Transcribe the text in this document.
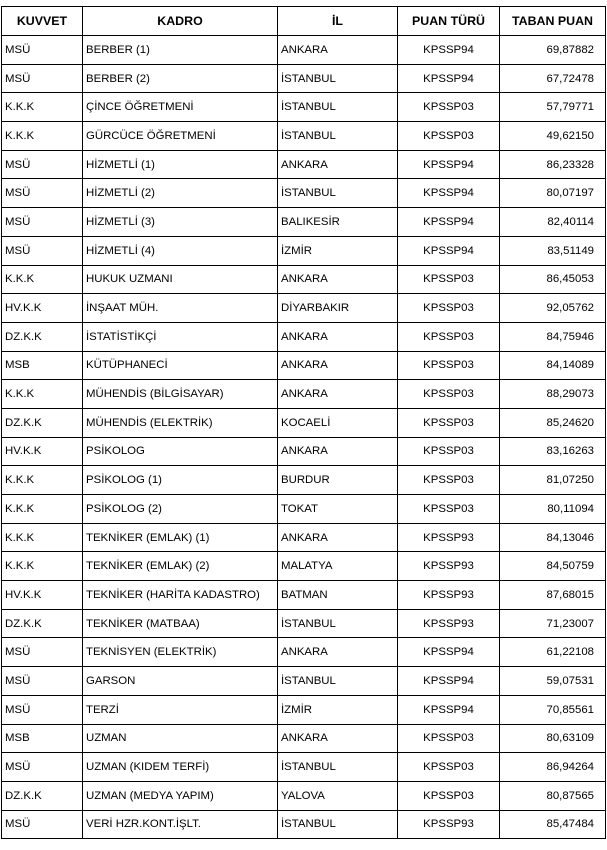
KUVVET	KADRO	İL	PUAN TÜRÜ	TABAN PUAN
MSÜ	BERBER (1)	ANKARA	KPSSP94	69,87882
MSÜ	BERBER (2)	İSTANBUL	KPSSP94	67,72478
K.K.K	ÇİNCE ÖĞRETMENİ	İSTANBUL	KPSSP03	57,79771
K.K.K	GÜRCÜCE ÖĞRETMENİ	İSTANBUL	KPSSP03	49,62150
MSÜ	HİZMETLİ (1)	ANKARA	KPSSP94	86,23328
MSÜ	HİZMETLİ (2)	İSTANBUL	KPSSP94	80,07197
MSÜ	HİZMETLİ (3)	BALIKESİR	KPSSP94	82,40114
MSÜ	HİZMETLİ (4)	İZMİR	KPSSP94	83,51149
K.K.K	HUKUK UZMANI	ANKARA	KPSSP03	86,45053
HV.K.K	İNŞAAT MÜH.	DİYARBAKIR	KPSSP03	92,05762
DZ.K.K	İSTATİSTİKÇİ	ANKARA	KPSSP03	84,75946
MSB	KÜTÜPHANECİ	ANKARA	KPSSP03	84,14089
K.K.K	MÜHENDİS (BİLGİSAYAR)	ANKARA	KPSSP03	88,29073
DZ.K.K	MÜHENDİS (ELEKTRİK)	KOCAELİ	KPSSP03	85,24620
HV.K.K	PSİKOLOG	ANKARA	KPSSP03	83,16263
K.K.K	PSİKOLOG (1)	BURDUR	KPSSP03	81,07250
K.K.K	PSİKOLOG (2)	TOKAT	KPSSP03	80,11094
K.K.K	TEKNİKER (EMLAK) (1)	ANKARA	KPSSP93	84,13046
K.K.K	TEKNİKER (EMLAK) (2)	MALATYA	KPSSP93	84,50759
HV.K.K	TEKNİKER (HARİTA KADASTRO)	BATMAN	KPSSP93	87,68015
DZ.K.K	TEKNİKER (MATBAA)	İSTANBUL	KPSSP93	71,23007
MSÜ	TEKNİSYEN (ELEKTRİK)	ANKARA	KPSSP94	61,22108
MSÜ	GARSON	İSTANBUL	KPSSP94	59,07531
MSÜ	TERZİ	İZMİR	KPSSP94	70,85561
MSB	UZMAN	ANKARA	KPSSP03	80,63109
MSÜ	UZMAN (KIDEM TERFİ)	İSTANBUL	KPSSP03	86,94264
DZ.K.K	UZMAN (MEDYA YAPIM)	YALOVA	KPSSP03	80,87565
MSÜ	VERİ HZR.KONT.İŞLT.	İSTANBUL	KPSSP93	85,47484
